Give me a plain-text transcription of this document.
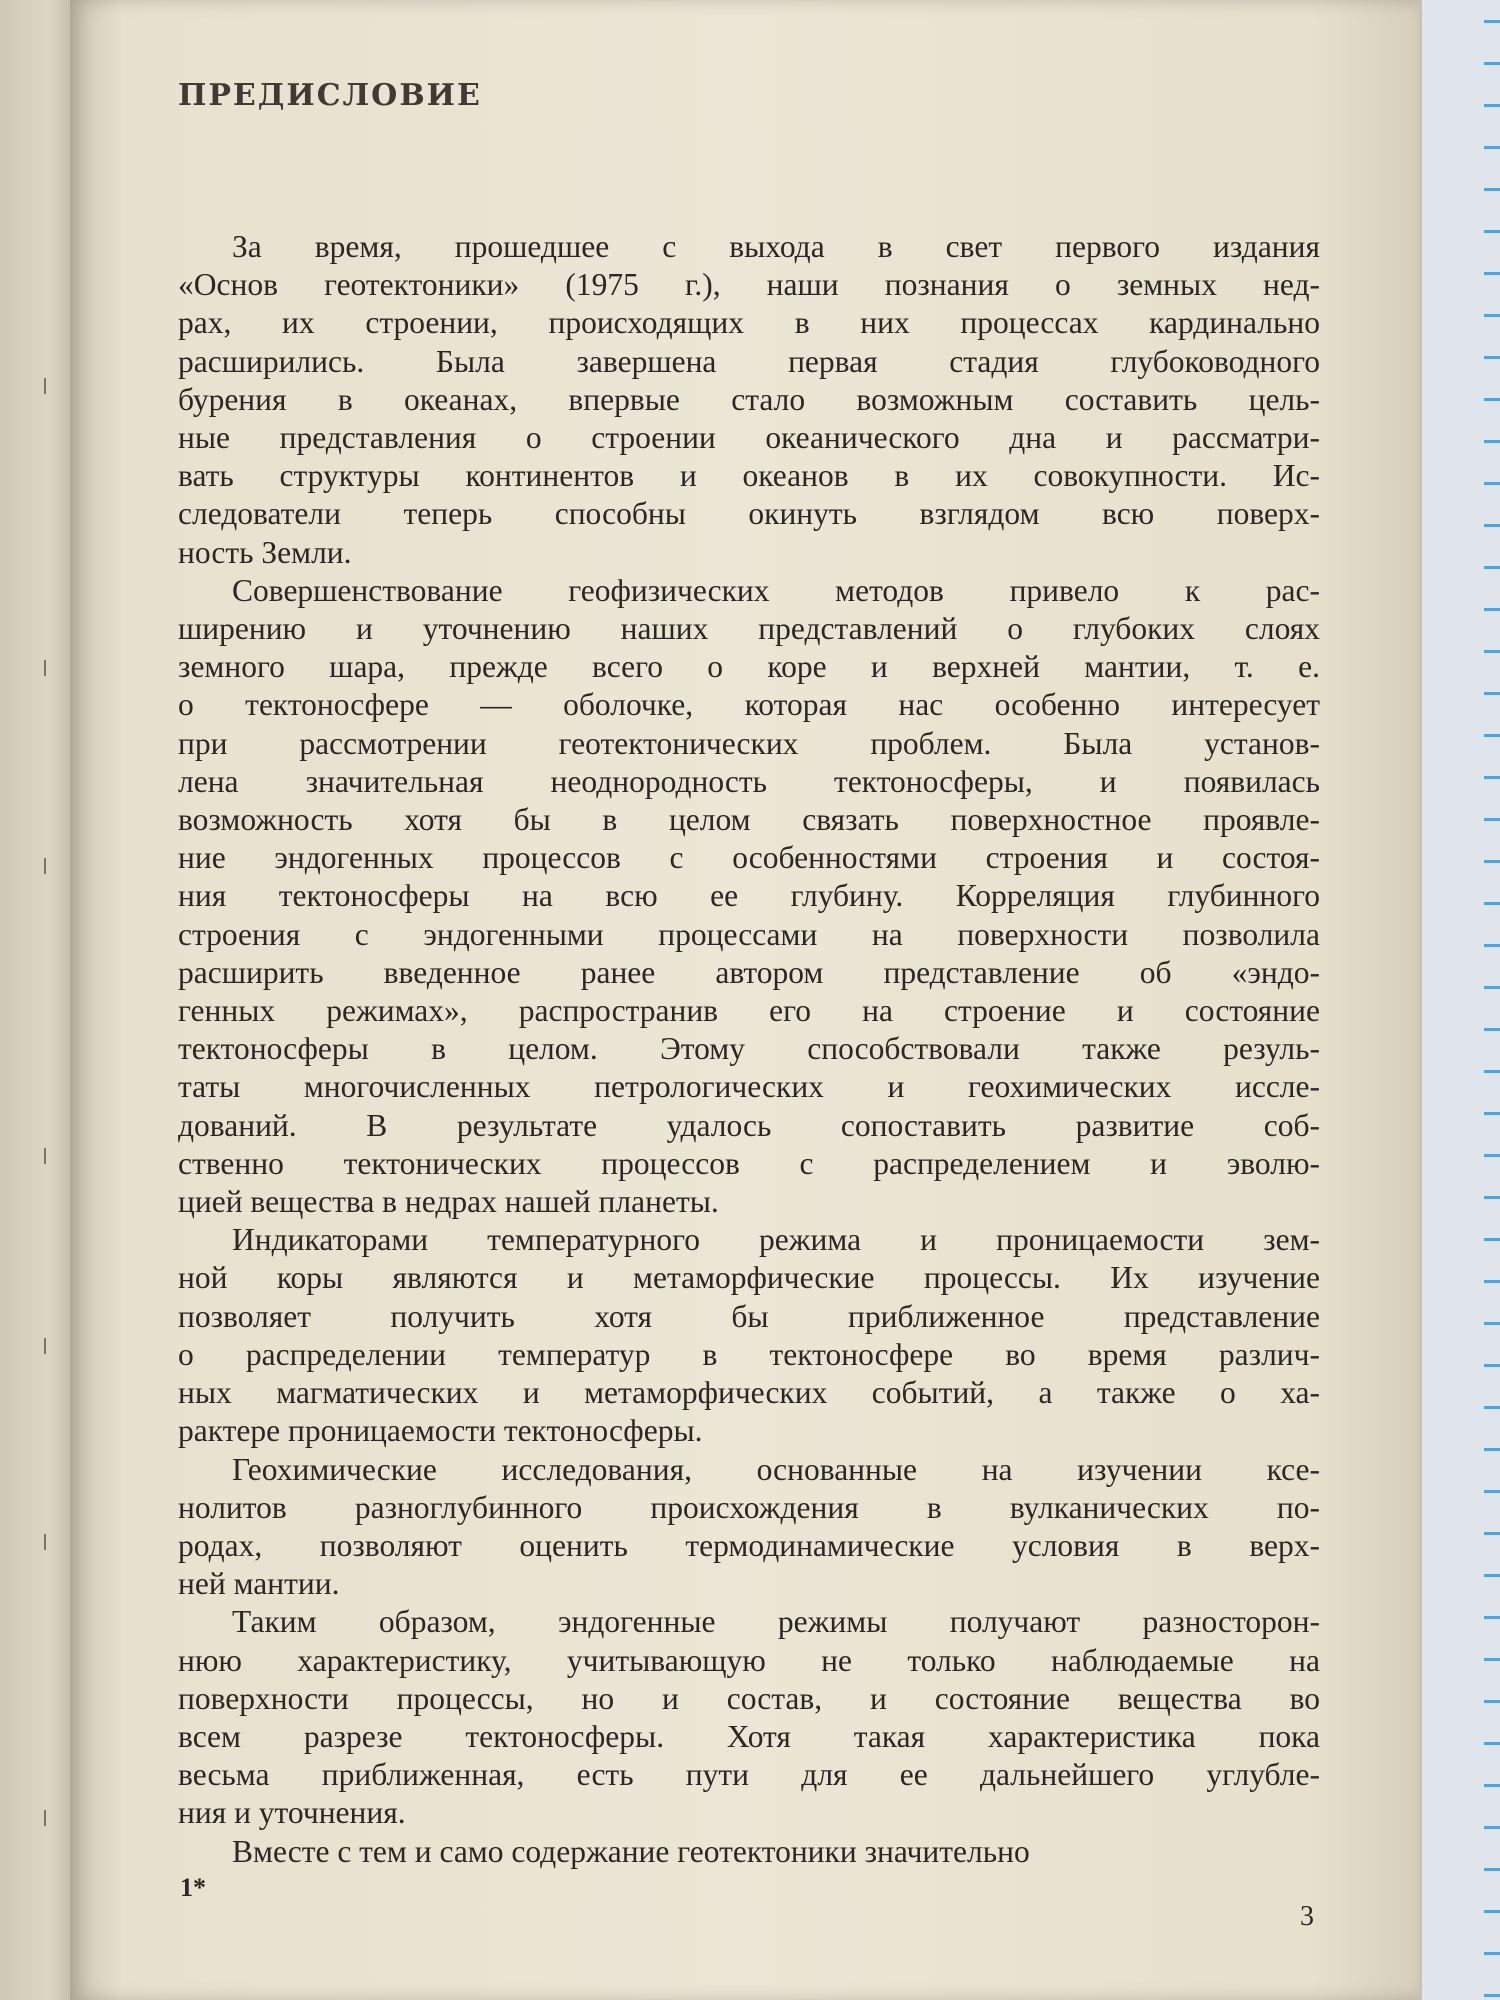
ПРЕДИСЛОВИЕ
За время, прошедшее с выхода в свет первого издания
«Основ геотектоники» (1975 г.), наши познания о земных нед-
рах, их строении, происходящих в них процессах кардинально
расширились. Была завершена первая стадия глубоководного
бурения в океанах, впервые стало возможным составить цель-
ные представления о строении океанического дна и рассматри-
вать структуры континентов и океанов в их совокупности. Ис-
следователи теперь способны окинуть взглядом всю поверх-
ность Земли.
Совершенствование геофизических методов привело к рас-
ширению и уточнению наших представлений о глубоких слоях
земного шара, прежде всего о коре и верхней мантии, т. е.
о тектоносфере — оболочке, которая нас особенно интересует
при рассмотрении геотектонических проблем. Была установ-
лена значительная неоднородность тектоносферы, и появилась
возможность хотя бы в целом связать поверхностное проявле-
ние эндогенных процессов с особенностями строения и состоя-
ния тектоносферы на всю ее глубину. Корреляция глубинного
строения с эндогенными процессами на поверхности позволила
расширить введенное ранее автором представление об «эндо-
генных режимах», распространив его на строение и состояние
тектоносферы в целом. Этому способствовали также резуль-
таты многочисленных петрологических и геохимических иссле-
дований. В результате удалось сопоставить развитие соб-
ственно тектонических процессов с распределением и эволю-
цией вещества в недрах нашей планеты.
Индикаторами температурного режима и проницаемости зем-
ной коры являются и метаморфические процессы. Их изучение
позволяет получить хотя бы приближенное представление
о распределении температур в тектоносфере во время различ-
ных магматических и метаморфических событий, а также о ха-
рактере проницаемости тектоносферы.
Геохимические исследования, основанные на изучении ксе-
нолитов разноглубинного происхождения в вулканических по-
родах, позволяют оценить термодинамические условия в верх-
ней мантии.
Таким образом, эндогенные режимы получают разносторон-
нюю характеристику, учитывающую не только наблюдаемые на
поверхности процессы, но и состав, и состояние вещества во
всем разрезе тектоносферы. Хотя такая характеристика пока
весьма приближенная, есть пути для ее дальнейшего углубле-
ния и уточнения.
Вместе с тем и само содержание геотектоники значительно
1*
3
